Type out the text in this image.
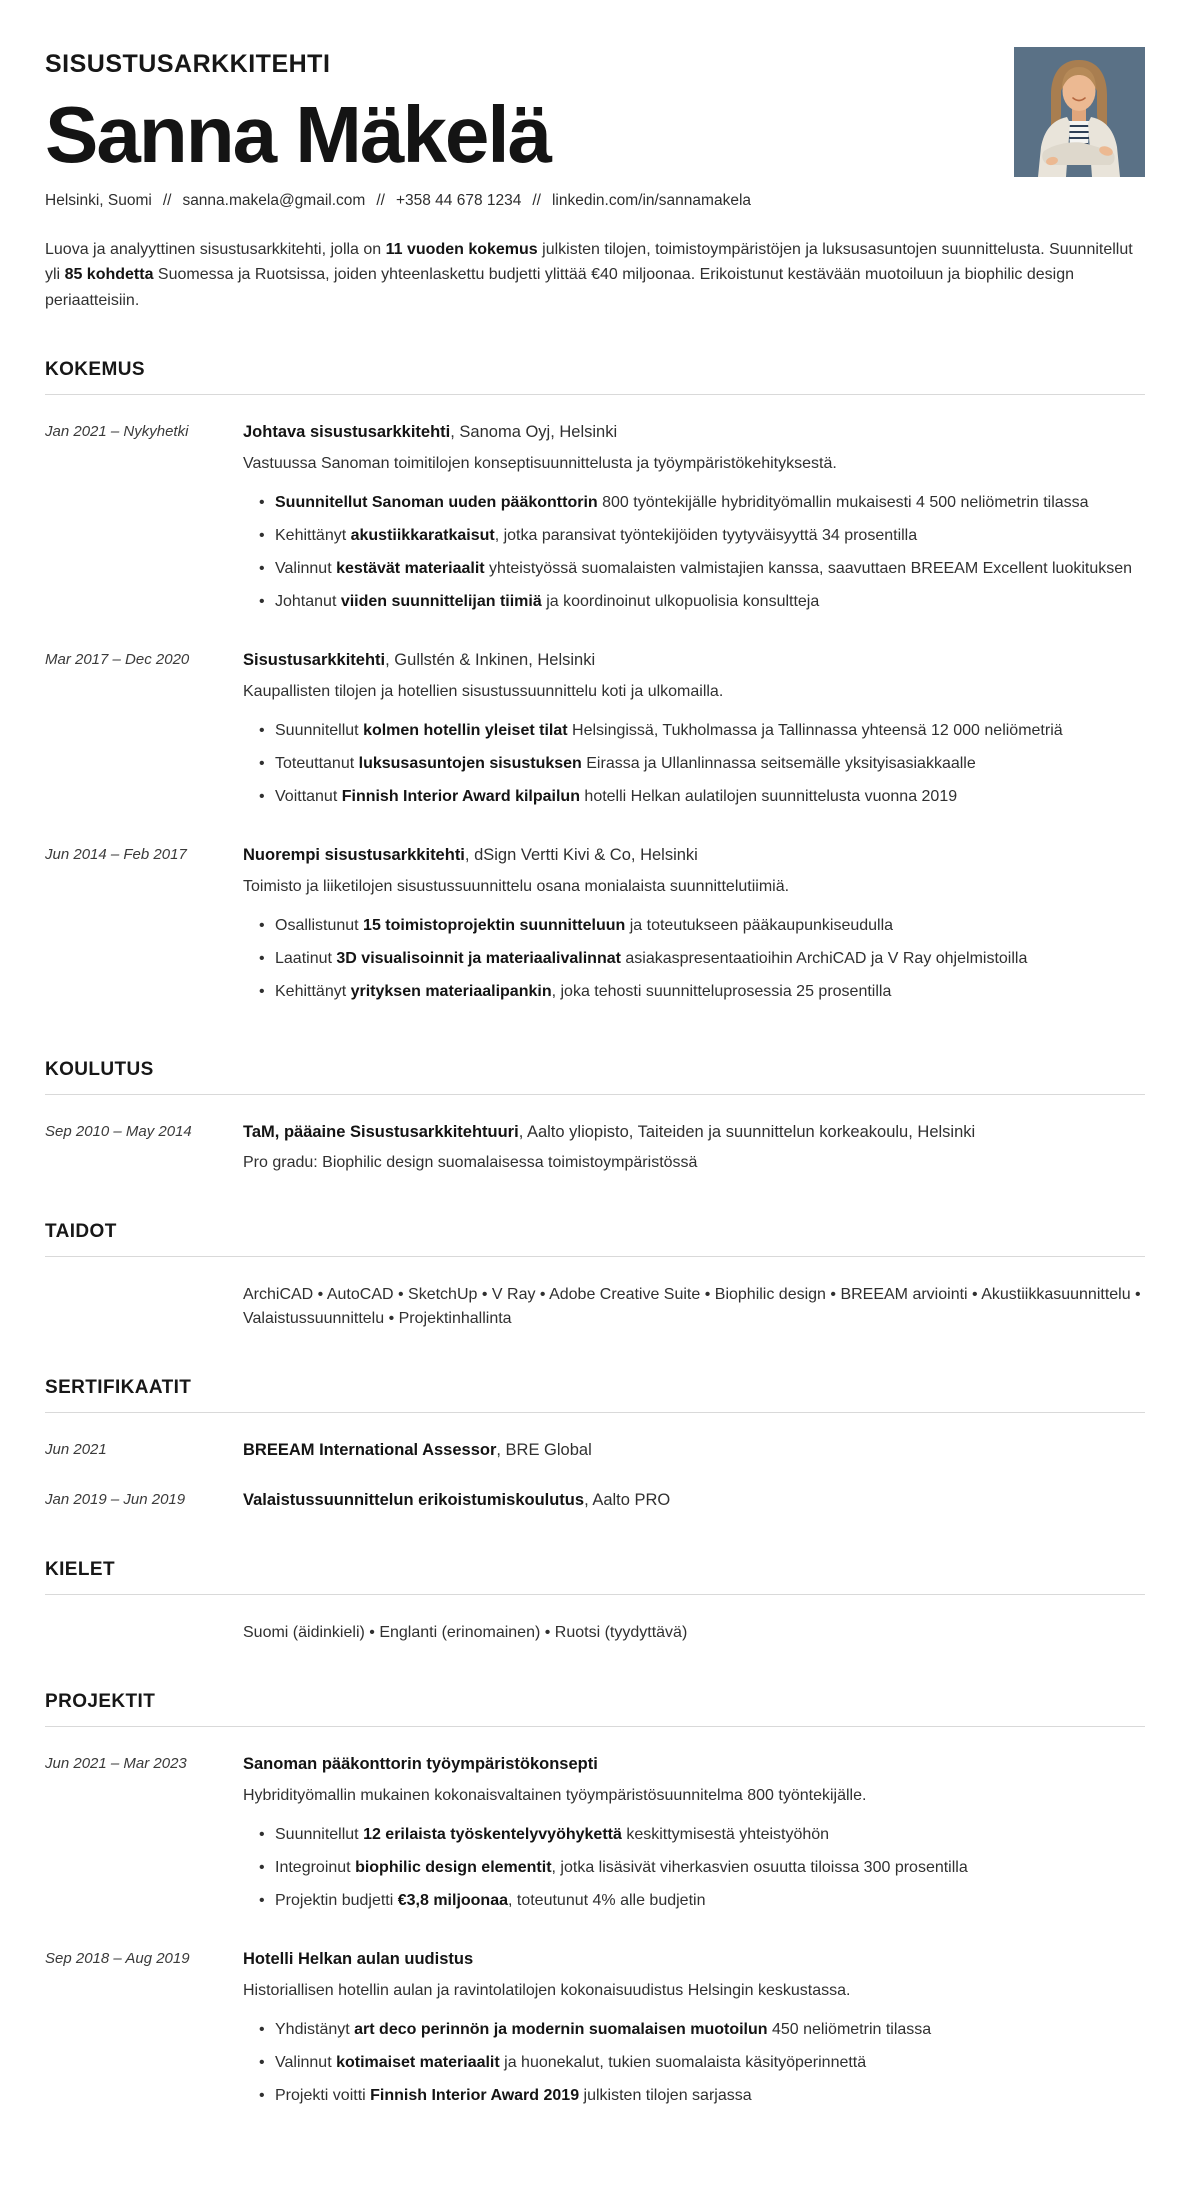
SISUSTUSARKKITEHTI
Sanna Mäkelä
Helsinki, Suomi // sanna.makela@gmail.com // +358 44 678 1234 // linkedin.com/in/sannamakela

Luova ja analyyttinen sisustusarkkitehti, jolla on 11 vuoden kokemus julkisten tilojen, toimistoympäristöjen ja luksusasuntojen suunnittelusta. Suunnitellut yli 85 kohdetta Suomessa ja Ruotsissa, joiden yhteenlaskettu budjetti ylittää €40 miljoonaa. Erikoistunut kestävään muotoiluun ja biophilic design periaatteisiin.

KOKEMUS
Jan 2021 – Nykyhetki	Johtava sisustusarkkitehti, Sanoma Oyj, Helsinki
Vastuussa Sanoman toimitilojen konseptisuunnittelusta ja työympäristökehityksestä.
• Suunnitellut Sanoman uuden pääkonttorin 800 työntekijälle hybridityömallin mukaisesti 4 500 neliömetrin tilassa
• Kehittänyt akustiikkaratkaisut, jotka paransivat työntekijöiden tyytyväisyyttä 34 prosentilla
• Valinnut kestävät materiaalit yhteistyössä suomalaisten valmistajien kanssa, saavuttaen BREEAM Excellent luokituksen
• Johtanut viiden suunnittelijan tiimiä ja koordinoinut ulkopuolisia konsultteja
Mar 2017 – Dec 2020	Sisustusarkkitehti, Gullstén & Inkinen, Helsinki
Kaupallisten tilojen ja hotellien sisustussuunnittelu koti ja ulkomailla.
• Suunnitellut kolmen hotellin yleiset tilat Helsingissä, Tukholmassa ja Tallinnassa yhteensä 12 000 neliömetriä
• Toteuttanut luksusasuntojen sisustuksen Eirassa ja Ullanlinnassa seitsemälle yksityisasiakkaalle
• Voittanut Finnish Interior Award kilpailun hotelli Helkan aulatilojen suunnittelusta vuonna 2019
Jun 2014 – Feb 2017	Nuorempi sisustusarkkitehti, dSign Vertti Kivi & Co, Helsinki
Toimisto ja liiketilojen sisustussuunnittelu osana monialaista suunnittelutiimiä.
• Osallistunut 15 toimistoprojektin suunnitteluun ja toteutukseen pääkaupunkiseudulla
• Laatinut 3D visualisoinnit ja materiaalivalinnat asiakaspresentaatioihin ArchiCAD ja V Ray ohjelmistoilla
• Kehittänyt yrityksen materiaalipankin, joka tehosti suunnitteluprosessia 25 prosentilla
KOULUTUS
Sep 2010 – May 2014	TaM, pääaine Sisustusarkkitehtuuri, Aalto yliopisto, Taiteiden ja suunnittelun korkeakoulu, Helsinki
Pro gradu: Biophilic design suomalaisessa toimistoympäristössä
TAIDOT
ArchiCAD • AutoCAD • SketchUp • V Ray • Adobe Creative Suite • Biophilic design • BREEAM arviointi • Akustiikkasuunnittelu • Valaistussuunnittelu • Projektinhallinta
SERTIFIKAATIT
Jun 2021	BREEAM International Assessor, BRE Global
Jan 2019 – Jun 2019	Valaistussuunnittelun erikoistumiskoulutus, Aalto PRO
KIELET
Suomi (äidinkieli) • Englanti (erinomainen) • Ruotsi (tyydyttävä)
PROJEKTIT
Jun 2021 – Mar 2023	Sanoman pääkonttorin työympäristökonsepti
Hybridityömallin mukainen kokonaisvaltainen työympäristösuunnitelma 800 työntekijälle.
• Suunnitellut 12 erilaista työskentelyvyöhykettä keskittymisestä yhteistyöhön
• Integroinut biophilic design elementit, jotka lisäsivät viherkasvien osuutta tiloissa 300 prosentilla
• Projektin budjetti €3,8 miljoonaa, toteutunut 4% alle budjetin
Sep 2018 – Aug 2019	Hotelli Helkan aulan uudistus
Historiallisen hotellin aulan ja ravintolatilojen kokonaisuudistus Helsingin keskustassa.
• Yhdistänyt art deco perinnön ja modernin suomalaisen muotoilun 450 neliömetrin tilassa
• Valinnut kotimaiset materiaalit ja huonekalut, tukien suomalaista käsityöperinnettä
• Projekti voitti Finnish Interior Award 2019 julkisten tilojen sarjassa
